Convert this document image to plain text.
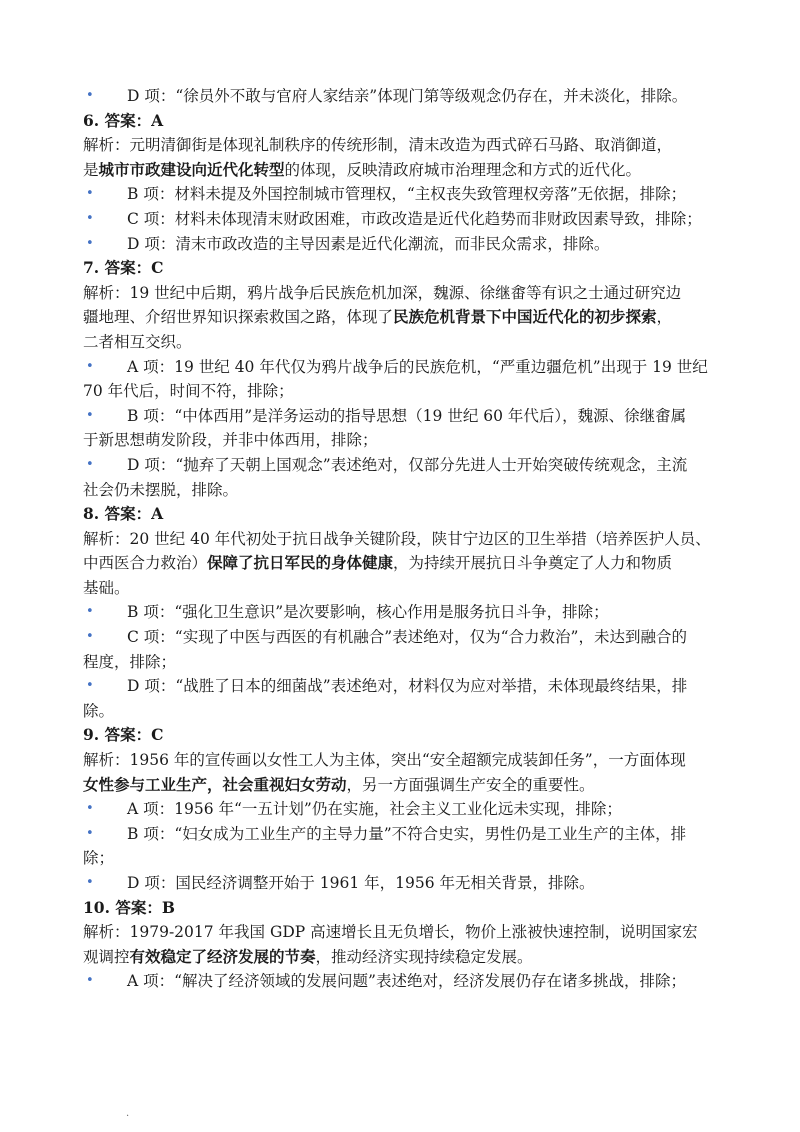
• D 项：“徐员外不敢与官府人家结亲”体现门第等级观念仍存在，并未淡化，排除。
6. 答案：A
解析：元明清御街是体现礼制秩序的传统形制，清末改造为西式碎石马路、取消御道，
是城市市政建设向近代化转型的体现，反映清政府城市治理理念和方式的近代化。
• B 项：材料未提及外国控制城市管理权，“主权丧失致管理权旁落”无依据，排除；
• C 项：材料未体现清末财政困难，市政改造是近代化趋势而非财政因素导致，排除；
• D 项：清末市政改造的主导因素是近代化潮流，而非民众需求，排除。
7. 答案：C
解析：19 世纪中后期，鸦片战争后民族危机加深，魏源、徐继畬等有识之士通过研究边
疆地理、介绍世界知识探索救国之路，体现了民族危机背景下中国近代化的初步探索，
二者相互交织。
• A 项：19 世纪 40 年代仅为鸦片战争后的民族危机，“严重边疆危机”出现于 19 世纪
70 年代后，时间不符，排除；
• B 项：“中体西用”是洋务运动的指导思想（19 世纪 60 年代后），魏源、徐继畬属
于新思想萌发阶段，并非中体西用，排除；
• D 项：“抛弃了天朝上国观念”表述绝对，仅部分先进人士开始突破传统观念，主流
社会仍未摆脱，排除。
8. 答案：A
解析：20 世纪 40 年代初处于抗日战争关键阶段，陕甘宁边区的卫生举措（培养医护人员、
中西医合力救治）保障了抗日军民的身体健康，为持续开展抗日斗争奠定了人力和物质
基础。
• B 项：“强化卫生意识”是次要影响，核心作用是服务抗日斗争，排除；
• C 项：“实现了中医与西医的有机融合”表述绝对，仅为“合力救治”，未达到融合的
程度，排除；
• D 项：“战胜了日本的细菌战”表述绝对，材料仅为应对举措，未体现最终结果，排
除。
9. 答案：C
解析：1956 年的宣传画以女性工人为主体，突出“安全超额完成装卸任务”，一方面体现
女性参与工业生产，社会重视妇女劳动，另一方面强调生产安全的重要性。
• A 项：1956 年“一五计划”仍在实施，社会主义工业化远未实现，排除；
• B 项：“妇女成为工业生产的主导力量”不符合史实，男性仍是工业生产的主体，排
除；
• D 项：国民经济调整开始于 1961 年，1956 年无相关背景，排除。
10. 答案：B
解析：1979-2017 年我国 GDP 高速增长且无负增长，物价上涨被快速控制，说明国家宏
观调控有效稳定了经济发展的节奏，推动经济实现持续稳定发展。
• A 项：“解决了经济领域的发展问题”表述绝对，经济发展仍存在诸多挑战，排除；
.
